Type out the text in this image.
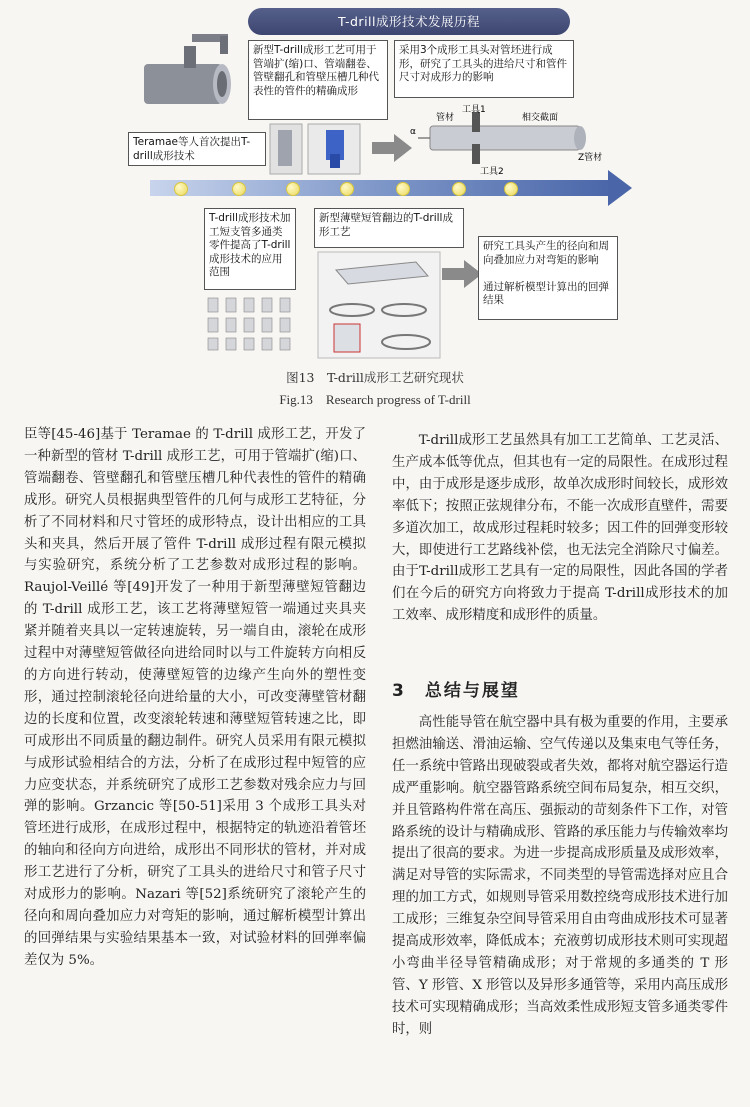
T-drill成形技术发展历程
新型T-drill成形工艺可用于管端扩(缩)口、管端翻卷、管壁翻孔和管壁压槽几种代表性的管件的精确成形
Teramae等人首次提出T-drill成形技术
采用3个成形工具头对管坯进行成形，研究了工具头的进给尺寸和管件尺寸对成形力的影响
α
管材
工具1
相交截面
工具2
Z管材
T-drill成形技术加工短支管多通类零件提高了T-drill成形技术的应用范围
新型薄壁短管翻边的T-drill成形工艺
研究工具头产生的径向和周向叠加应力对弯矩的影响

通过解析模型计算出的回弹结果
图13　T-drill成形工艺研究现状
Fig.13　Research progress of T-drill

臣等[45-46]基于 Teramae 的 T-drill 成形工艺，开发了一种新型的管材 T-drill 成形工艺，可用于管端扩(缩)口、管端翻卷、管壁翻孔和管壁压槽几种代表性的管件的精确成形。研究人员根据典型管件的几何与成形工艺特征，分析了不同材料和尺寸管坯的成形特点，设计出相应的工具头和夹具，然后开展了管件 T-drill 成形过程有限元模拟与实验研究，系统分析了工艺参数对成形过程的影响。Raujol-Veillé 等[49]开发了一种用于新型薄壁短管翻边的 T-drill 成形工艺，该工艺将薄壁短管一端通过夹具夹紧并随着夹具以一定转速旋转，另一端自由，滚轮在成形过程中对薄壁短管做径向进给同时以与工件旋转方向相反的方向进行转动，使薄壁短管的边缘产生向外的塑性变形，通过控制滚轮径向进给量的大小，可改变薄壁管材翻边的长度和位置，改变滚轮转速和薄壁短管转速之比，即可成形出不同质量的翻边制件。研究人员采用有限元模拟与成形试验相结合的方法，分析了在成形过程中短管的应力应变状态，并系统研究了成形工艺参数对残余应力与回弹的影响。Grzancic 等[50-51]采用 3 个成形工具头对管坯进行成形，在成形过程中，根据特定的轨迹沿着管坯的轴向和径向方向进给，成形出不同形状的管材，并对成形工艺进行了分析，研究了工具头的进给尺寸和管子尺寸对成形力的影响。Nazari 等[52]系统研究了滚轮产生的径向和周向叠加应力对弯矩的影响，通过解析模型计算出的回弹结果与实验结果基本一致，对试验材料的回弹率偏差仅为 5%。

T-drill成形工艺虽然具有加工工艺简单、工艺灵活、生产成本低等优点，但其也有一定的局限性。在成形过程中，由于成形是逐步成形，故单次成形时间较长，成形效率低下；按照正弦规律分布，不能一次成形直壁件，需要多道次加工，故成形过程耗时较多；因工件的回弹变形较大，即使进行工艺路线补偿，也无法完全消除尺寸偏差。由于T-drill成形工艺具有一定的局限性，因此各国的学者们在今后的研究方向将致力于提高 T-drill成形技术的加工效率、成形精度和成形件的质量。

3　总结与展望

高性能导管在航空器中具有极为重要的作用，主要承担燃油输送、滑油运输、空气传递以及集束电气等任务，任一系统中管路出现破裂或者失效，都将对航空器运行造成严重影响。航空器管路系统空间布局复杂，相互交织，并且管路构件常在高压、强振动的苛刻条件下工作，对管路系统的设计与精确成形、管路的承压能力与传输效率均提出了很高的要求。为进一步提高成形质量及成形效率，满足对导管的实际需求，不同类型的导管需选择对应且合理的加工方式，如规则导管采用数控绕弯成形技术进行加工成形；三维复杂空间导管采用自由弯曲成形技术可显著提高成形效率，降低成本；充液剪切成形技术则可实现超小弯曲半径导管精确成形；对于常规的多通类的 T 形管、Y 形管、X 形管以及异形多通管等，采用内高压成形技术可实现精确成形；当高效柔性成形短支管多通类零件时，则
